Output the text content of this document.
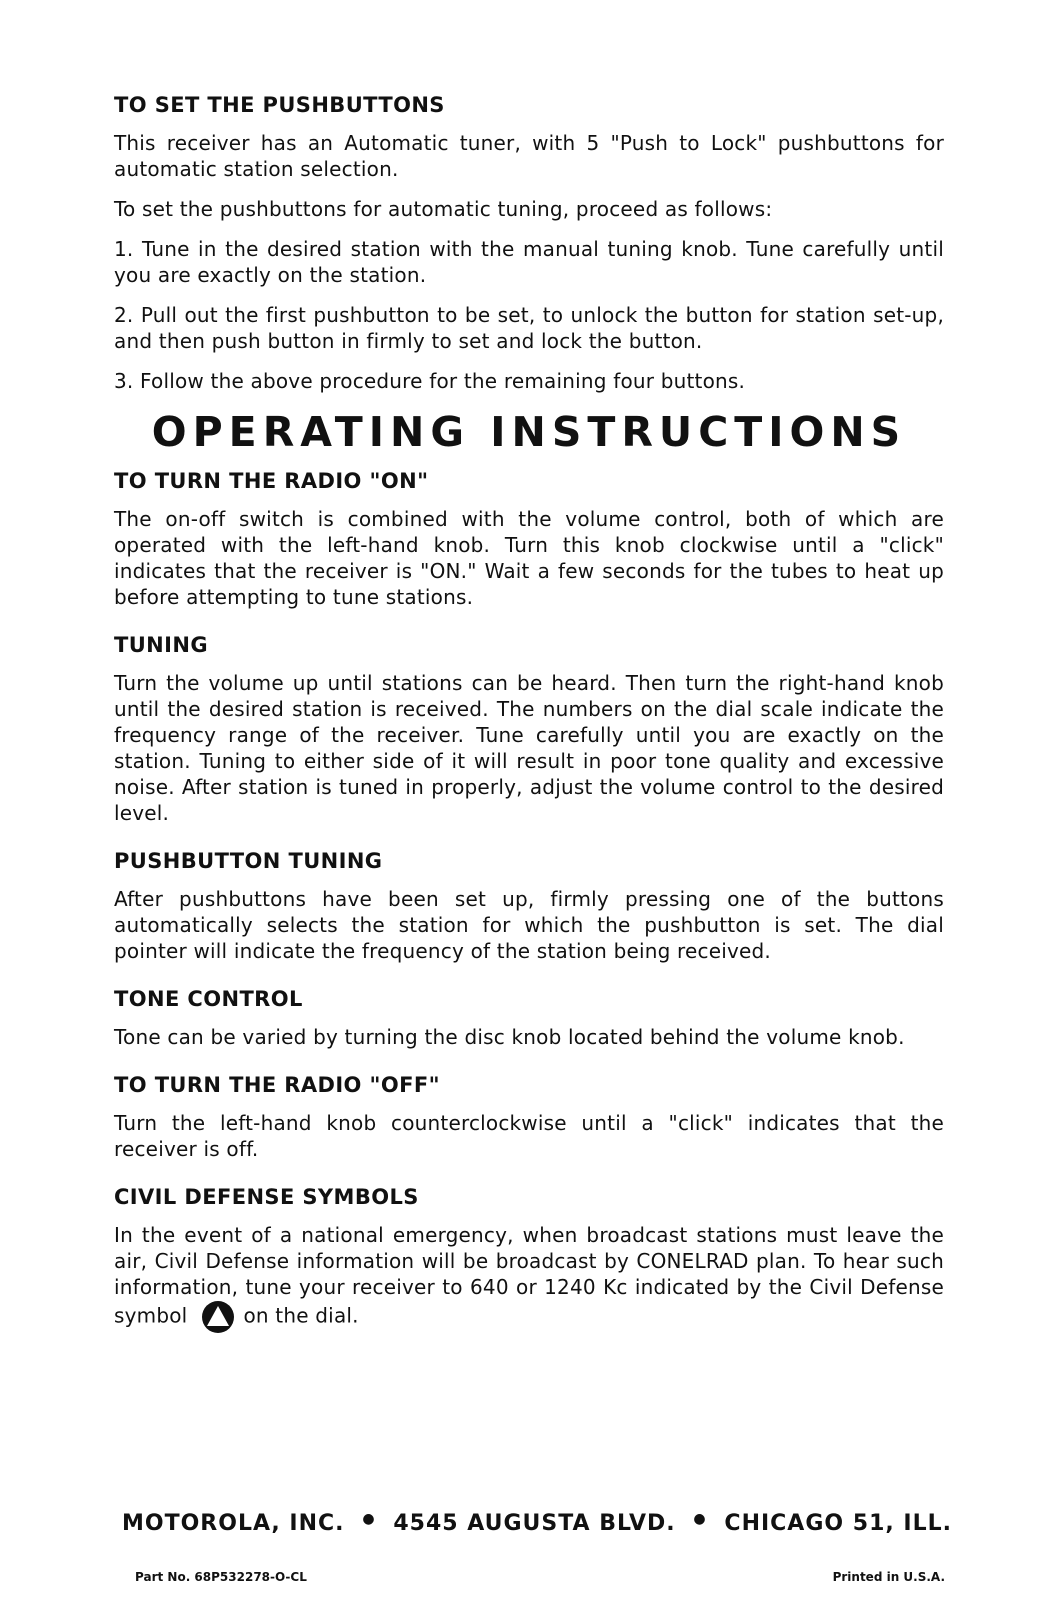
TO SET THE PUSHBUTTONS
This receiver has an Automatic tuner, with 5 "Push to Lock" pushbuttons for automatic station selection.
To set the pushbuttons for automatic tuning, proceed as follows:
1. Tune in the desired station with the manual tuning knob. Tune carefully until you are exactly on the station.
2. Pull out the first pushbutton to be set, to unlock the button for station set-up, and then push button in firmly to set and lock the button.
3. Follow the above procedure for the remaining four buttons.
OPERATING INSTRUCTIONS
TO TURN THE RADIO "ON"
The on-off switch is combined with the volume control, both of which are operated with the left-hand knob. Turn this knob clockwise until a "click" indicates that the receiver is "ON." Wait a few seconds for the tubes to heat up before attempting to tune stations.
TUNING
Turn the volume up until stations can be heard. Then turn the right-hand knob until the desired station is received. The numbers on the dial scale indicate the frequency range of the receiver. Tune carefully until you are exactly on the station. Tuning to either side of it will result in poor tone quality and excessive noise. After station is tuned in properly, adjust the volume control to the desired level.
PUSHBUTTON TUNING
After pushbuttons have been set up, firmly pressing one of the buttons automatically selects the station for which the pushbutton is set. The dial pointer will indicate the frequency of the station being received.
TONE CONTROL
Tone can be varied by turning the disc knob located behind the volume knob.
TO TURN THE RADIO "OFF"
Turn the left-hand knob counterclockwise until a "click" indicates that the receiver is off.
CIVIL DEFENSE SYMBOLS
In the event of a national emergency, when broadcast stations must leave the air, Civil Defense information will be broadcast by CONELRAD plan. To hear such information, tune your receiver to 640 or 1240 Kc indicated by the Civil Defense symbol	on the dial.
MOTOROLA, INC. ● 4545 AUGUSTA BLVD. ● CHICAGO 51, ILL.
Part No. 68P532278-O-CL	Printed in U.S.A.
